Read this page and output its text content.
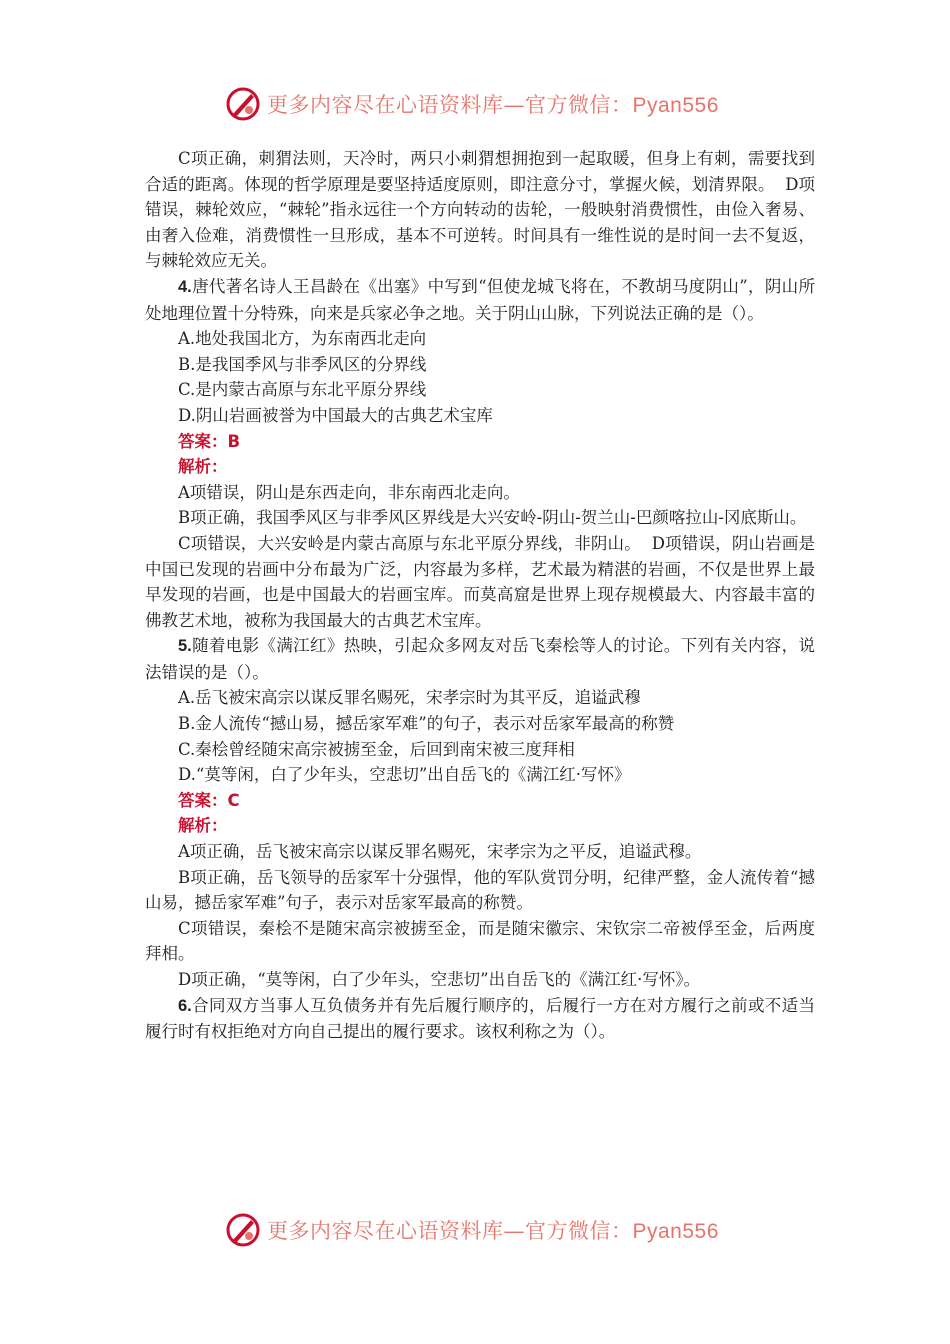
更多内容尽在心语资料库—官方微信：Pyan556

C项正确，刺猬法则，天冷时，两只小刺猬想拥抱到一起取暖，但身上有刺，需要找到合适的距离。体现的哲学原理是要坚持适度原则，即注意分寸，掌握火候，划清界限。 D项错误，棘轮效应，“棘轮”指永远往一个方向转动的齿轮，一般映射消费惯性，由俭入奢易、由奢入俭难，消费惯性一旦形成，基本不可逆转。时间具有一维性说的是时间一去不复返，与棘轮效应无关。

4.唐代著名诗人王昌龄在《出塞》中写到“但使龙城飞将在，不教胡马度阴山”，阴山所处地理位置十分特殊，向来是兵家必争之地。关于阴山山脉，下列说法正确的是（）。

A.地处我国北方，为东南西北走向

B.是我国季风与非季风区的分界线

C.是内蒙古高原与东北平原分界线

D.阴山岩画被誉为中国最大的古典艺术宝库

答案：B

解析：

A项错误，阴山是东西走向，非东南西北走向。

B项正确，我国季风区与非季风区界线是大兴安岭-阴山-贺兰山-巴颜喀拉山-冈底斯山。

C项错误，大兴安岭是内蒙古高原与东北平原分界线，非阴山。 D项错误，阴山岩画是中国已发现的岩画中分布最为广泛，内容最为多样，艺术最为精湛的岩画，不仅是世界上最早发现的岩画，也是中国最大的岩画宝库。而莫高窟是世界上现存规模最大、内容最丰富的佛教艺术地，被称为我国最大的古典艺术宝库。

5.随着电影《满江红》热映，引起众多网友对岳飞秦桧等人的讨论。下列有关内容，说法错误的是（）。

A.岳飞被宋高宗以谋反罪名赐死，宋孝宗时为其平反，追谥武穆

B.金人流传“撼山易，撼岳家军难”的句子，表示对岳家军最高的称赞

C.秦桧曾经随宋高宗被掳至金，后回到南宋被三度拜相

D.“莫等闲，白了少年头，空悲切”出自岳飞的《满江红·写怀》

答案：C

解析：

A项正确，岳飞被宋高宗以谋反罪名赐死，宋孝宗为之平反，追谥武穆。

B项正确，岳飞领导的岳家军十分强悍，他的军队赏罚分明，纪律严整，金人流传着“撼山易，撼岳家军难”句子，表示对岳家军最高的称赞。

C项错误，秦桧不是随宋高宗被掳至金，而是随宋徽宗、宋钦宗二帝被俘至金，后两度拜相。

D项正确，“莫等闲，白了少年头，空悲切”出自岳飞的《满江红·写怀》。

6.合同双方当事人互负债务并有先后履行顺序的，后履行一方在对方履行之前或不适当履行时有权拒绝对方向自己提出的履行要求。该权利称之为（）。

更多内容尽在心语资料库—官方微信：Pyan556
